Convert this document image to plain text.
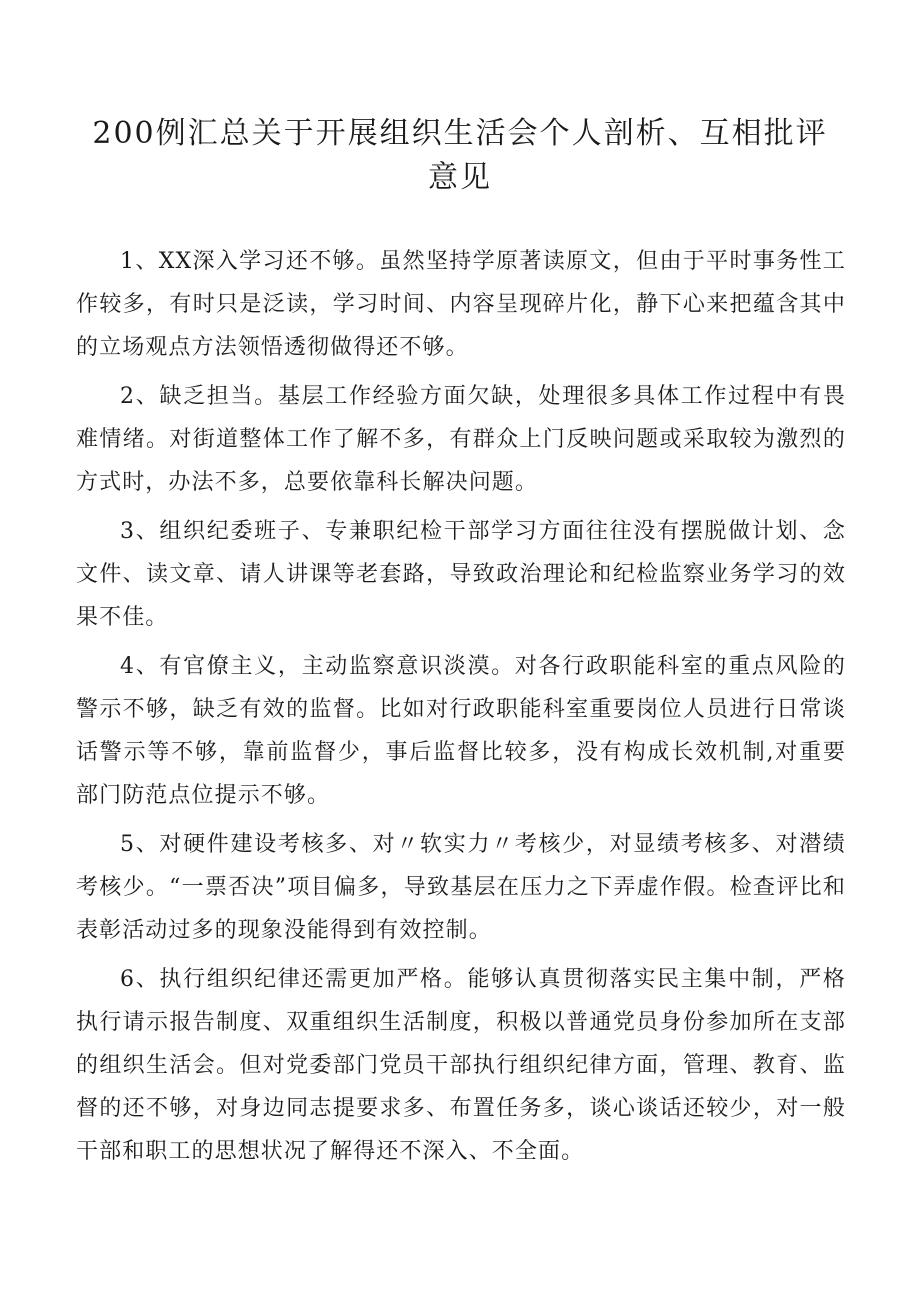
200例汇总关于开展组织生活会个人剖析、互相批评意见

1、XX深入学习还不够。虽然坚持学原著读原文，但由于平时事务性工作较多，有时只是泛读，学习时间、内容呈现碎片化，静下心来把蕴含其中的立场观点方法领悟透彻做得还不够。

2、缺乏担当。基层工作经验方面欠缺，处理很多具体工作过程中有畏难情绪。对街道整体工作了解不多，有群众上门反映问题或采取较为激烈的方式时，办法不多，总要依靠科长解决问题。

3、组织纪委班子、专兼职纪检干部学习方面往往没有摆脱做计划、念文件、读文章、请人讲课等老套路，导致政治理论和纪检监察业务学习的效果不佳。

4、有官僚主义，主动监察意识淡漠。对各行政职能科室的重点风险的警示不够，缺乏有效的监督。比如对行政职能科室重要岗位人员进行日常谈话警示等不够，靠前监督少，事后监督比较多，没有构成长效机制,对重要部门防范点位提示不够。

5、对硬件建设考核多、对〃软实力〃考核少，对显绩考核多、对潜绩考核少。“一票否决”项目偏多，导致基层在压力之下弄虚作假。检查评比和表彰活动过多的现象没能得到有效控制。

6、执行组织纪律还需更加严格。能够认真贯彻落实民主集中制，严格执行请示报告制度、双重组织生活制度，积极以普通党员身份参加所在支部的组织生活会。但对党委部门党员干部执行组织纪律方面，管理、教育、监督的还不够，对身边同志提要求多、布置任务多，谈心谈话还较少，对一般干部和职工的思想状况了解得还不深入、不全面。
